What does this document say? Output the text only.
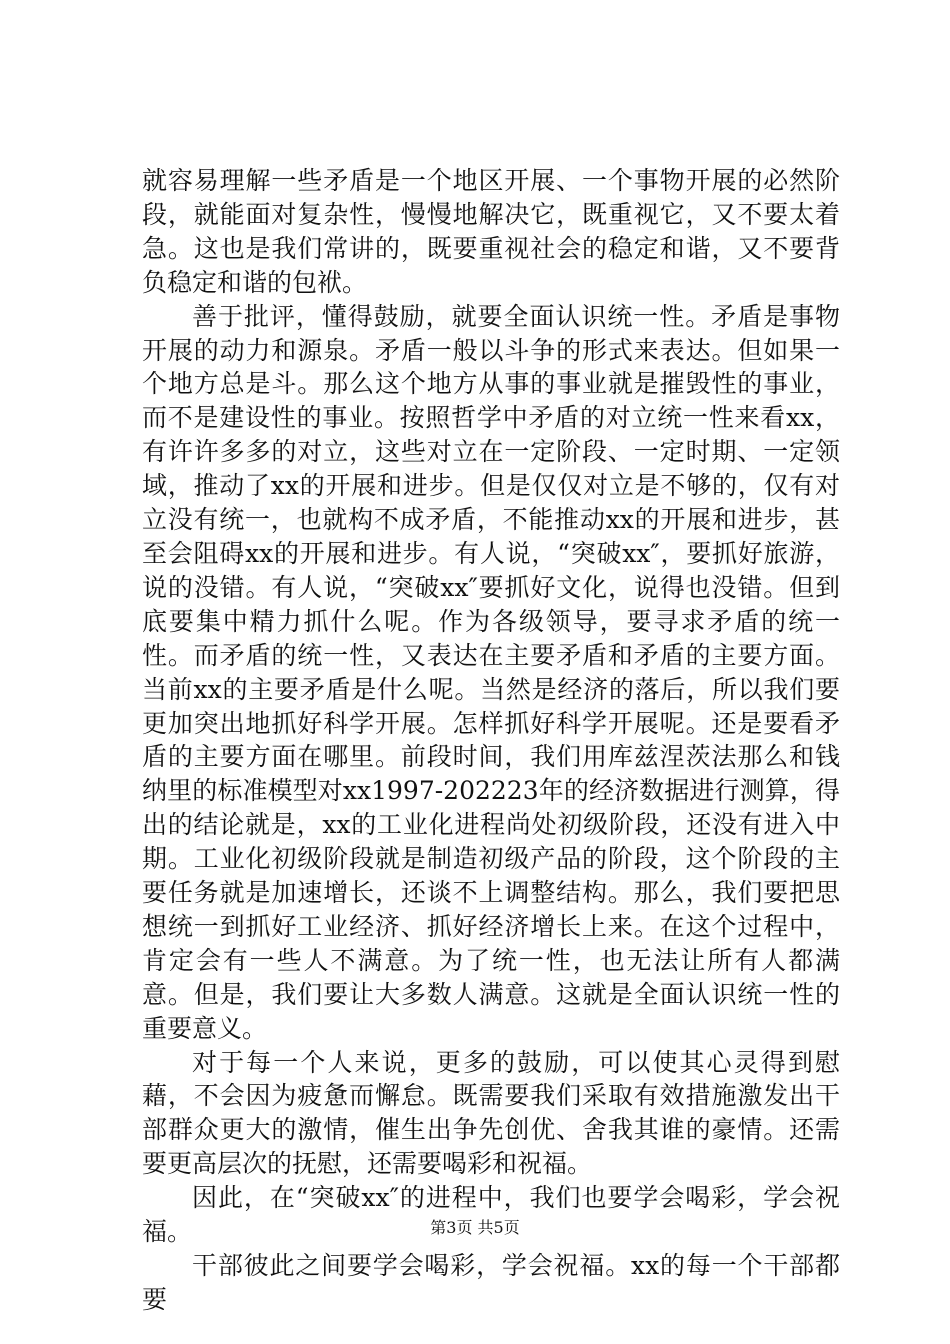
就容易理解一些矛盾是一个地区开展、一个事物开展的必然阶段，就能面对复杂性，慢慢地解决它，既重视它，又不要太着急。这也是我们常讲的，既要重视社会的稳定和谐，又不要背负稳定和谐的包袱。

善于批评，懂得鼓励，就要全面认识统一性。矛盾是事物开展的动力和源泉。矛盾一般以斗争的形式来表达。但如果一个地方总是斗。那么这个地方从事的事业就是摧毁性的事业，而不是建设性的事业。按照哲学中矛盾的对立统一性来看xx，有许许多多的对立，这些对立在一定阶段、一定时期、一定领域，推动了xx的开展和进步。但是仅仅对立是不够的，仅有对立没有统一，也就构不成矛盾，不能推动xx的开展和进步，甚至会阻碍xx的开展和进步。有人说，“突破xx″，要抓好旅游，说的没错。有人说，“突破xx″要抓好文化，说得也没错。但到底要集中精力抓什么呢。作为各级领导，要寻求矛盾的统一性。而矛盾的统一性，又表达在主要矛盾和矛盾的主要方面。当前xx的主要矛盾是什么呢。当然是经济的落后，所以我们要更加突出地抓好科学开展。怎样抓好科学开展呢。还是要看矛盾的主要方面在哪里。前段时间，我们用库兹涅茨法那么和钱纳里的标准模型对xx1997-202223年的经济数据进行测算，得出的结论就是，xx的工业化进程尚处初级阶段，还没有进入中期。工业化初级阶段就是制造初级产品的阶段，这个阶段的主要任务就是加速增长，还谈不上调整结构。那么，我们要把思想统一到抓好工业经济、抓好经济增长上来。在这个过程中，肯定会有一些人不满意。为了统一性，也无法让所有人都满意。但是，我们要让大多数人满意。这就是全面认识统一性的重要意义。

对于每一个人来说，更多的鼓励，可以使其心灵得到慰藉，不会因为疲惫而懈怠。既需要我们采取有效措施激发出干部群众更大的激情，催生出争先创优、舍我其谁的豪情。还需要更高层次的抚慰，还需要喝彩和祝福。

因此，在“突破xx″的进程中，我们也要学会喝彩，学会祝福。

干部彼此之间要学会喝彩，学会祝福。xx的每一个干部都要

第3页 共5页
